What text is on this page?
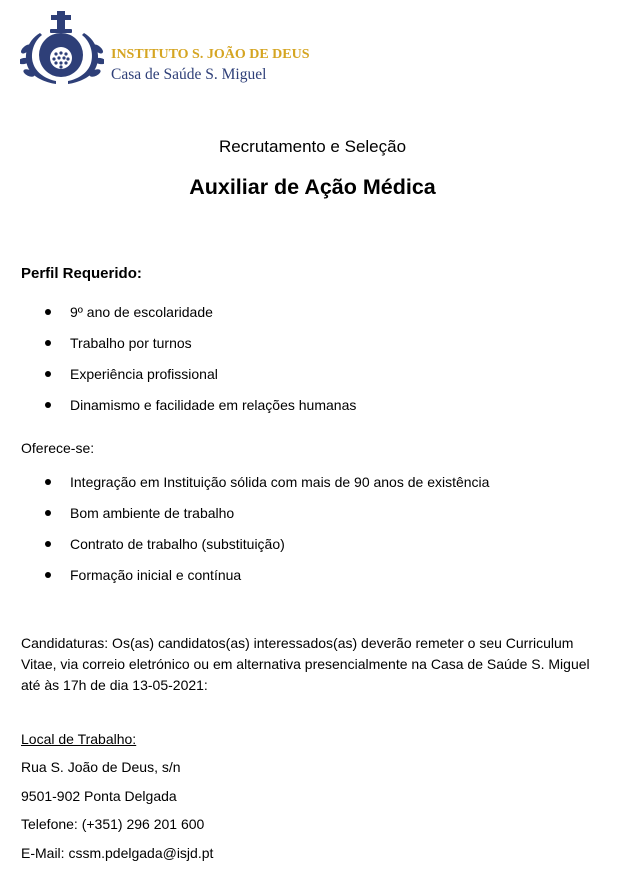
INSTITUTO S. JOÃO DE DEUS
Casa de Saúde S. Miguel
Recrutamento e Seleção
Auxiliar de Ação Médica
Perfil Requerido:
9º ano de escolaridade
Trabalho por turnos
Experiência profissional
Dinamismo e facilidade em relações humanas
Oferece-se:
Integração em Instituição sólida com mais de 90 anos de existência
Bom ambiente de trabalho
Contrato de trabalho (substituição)
Formação inicial e contínua
Candidaturas: Os(as) candidatos(as) interessados(as) deverão remeter o seu Curriculum Vitae, via correio eletrónico ou em alternativa presencialmente na Casa de Saúde S. Miguel até às 17h de dia 13-05-2021:
Local de Trabalho:
Rua S. João de Deus, s/n
9501-902 Ponta Delgada
Telefone: (+351) 296 201 600
E-Mail: cssm.pdelgada@isjd.pt
